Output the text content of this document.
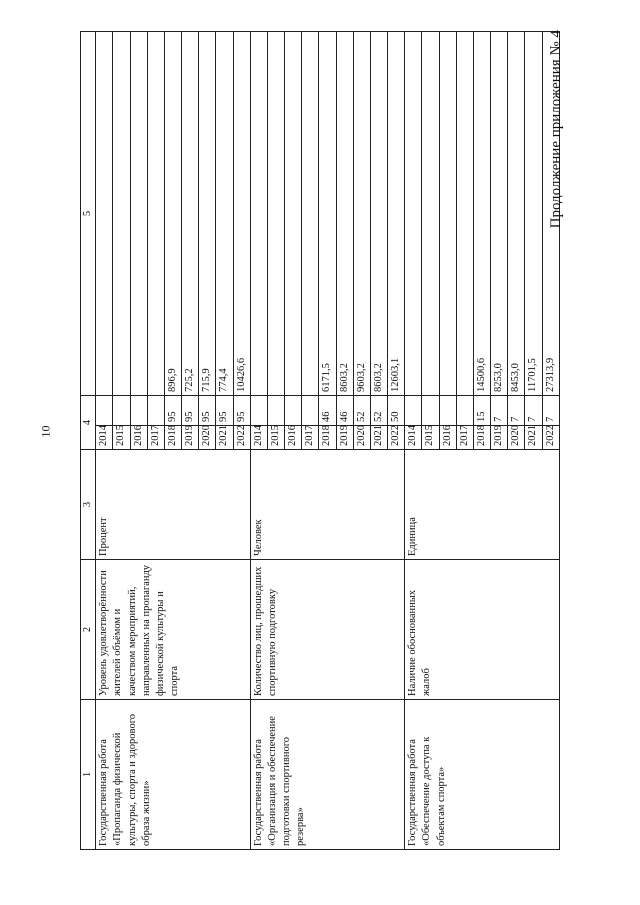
10
1	2	3	4		5
Государственная работа «Пропаганда физической культуры, спорта и здорового образа жизни»	Уровень удовлетворённости жителей объёмом и качеством мероприятий, направленных на пропаганду физической культуры и спорта	Процент	2014		
			2015		
			2016		
			2017		
			2018	95	896,9
			2019	95	725,2
			2020	95	715,9
			2021	95	774,4
			2022	95	10426,6
Государственная работа «Организация и обеспечение подготовки спортивного резерва»	Количество лиц, прошедших спортивную подготовку	Человек	2014		
			2015		
			2016		
			2017		
			2018	46	6171,5
			2019	46	8603,2
			2020	52	9603,2
			2021	52	8603,2
			2022	50	12603,1
Государственная работа «Обеспечение доступа к объектам спорта»	Наличие обоснованных жалоб	Единица	2014		
			2015		
			2016		
			2017		
			2018	15	14500,6
			2019	7	8253,0
			2020	7	8453,0
			2021	7	11701,5
			2022	7	27313,9
Продолжение приложения № 4
